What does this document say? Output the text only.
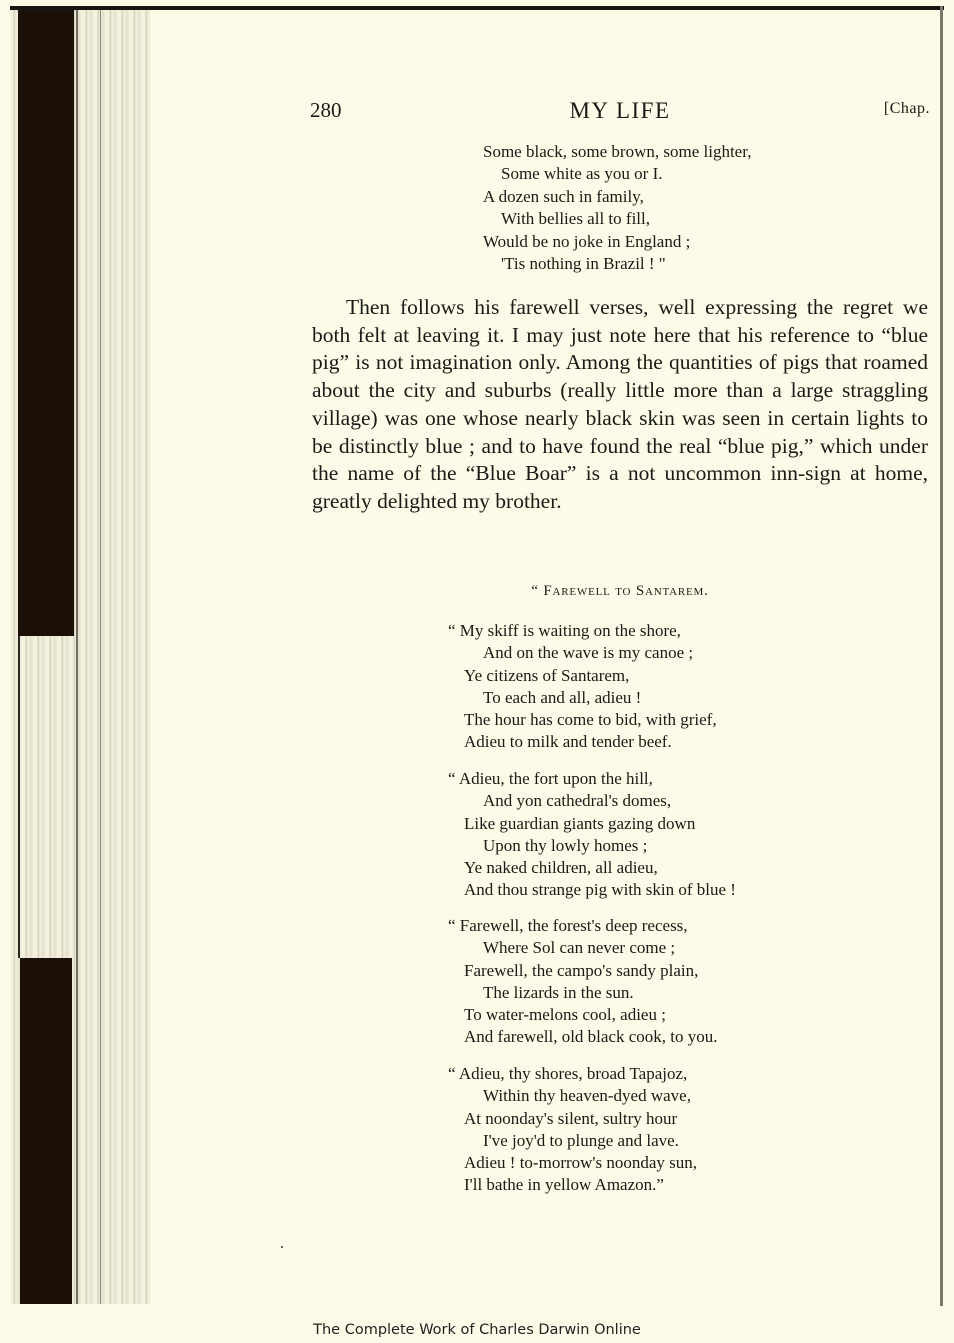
280	MY LIFE	[Chap.
Some black, some brown, some lighter,
Some white as you or I.
A dozen such in family,
With bellies all to fill,
Would be no joke in England ;
'Tis nothing in Brazil ! "
Then follows his farewell verses, well expressing the regret we both felt at leaving it. I may just note here that his reference to “blue pig” is not imagination only. Among the quantities of pigs that roamed about the city and suburbs (really little more than a large straggling village) was one whose nearly black skin was seen in certain lights to be distinctly blue ; and to have found the real “blue pig,” which under the name of the “Blue Boar” is a not uncommon inn-sign at home, greatly delighted my brother.
“ Farewell to Santarem.
“ My skiff is waiting on the shore,
And on the wave is my canoe ;
Ye citizens of Santarem,
To each and all, adieu !
The hour has come to bid, with grief,
Adieu to milk and tender beef.
“ Adieu, the fort upon the hill,
And yon cathedral's domes,
Like guardian giants gazing down
Upon thy lowly homes ;
Ye naked children, all adieu,
And thou strange pig with skin of blue !
“ Farewell, the forest's deep recess,
Where Sol can never come ;
Farewell, the campo's sandy plain,
The lizards in the sun.
To water-melons cool, adieu ;
And farewell, old black cook, to you.
“ Adieu, thy shores, broad Tapajoz,
Within thy heaven-dyed wave,
At noonday's silent, sultry hour
I've joy'd to plunge and lave.
Adieu ! to-morrow's noonday sun,
I'll bathe in yellow Amazon.”
The Complete Work of Charles Darwin Online
